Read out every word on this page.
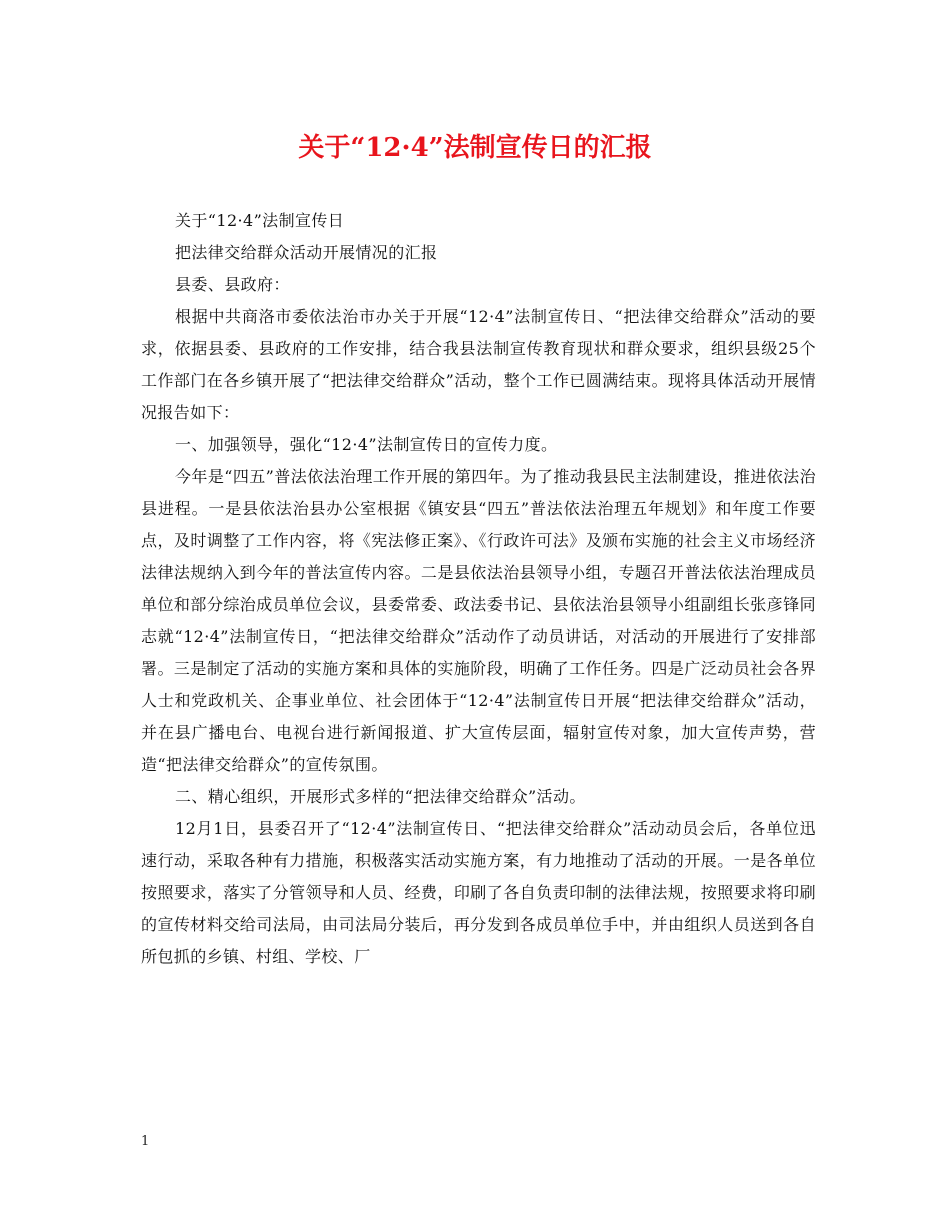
关于“12·4”法制宣传日的汇报

关于“12·4”法制宣传日

把法律交给群众活动开展情况的汇报

县委、县政府：

根据中共商洛市委依法治市办关于开展“12·4”法制宣传日、“把法律交给群众”活动的要求，依据县委、县政府的工作安排，结合我县法制宣传教育现状和群众要求，组织县级25个工作部门在各乡镇开展了“把法律交给群众”活动，整个工作已圆满结束。现将具体活动开展情况报告如下：

一、加强领导，强化“12·4”法制宣传日的宣传力度。

今年是“四五”普法依法治理工作开展的第四年。为了推动我县民主法制建设，推进依法治县进程。一是县依法治县办公室根据《镇安县“四五”普法依法治理五年规划》和年度工作要点，及时调整了工作内容，将《宪法修正案》、《行政许可法》及颁布实施的社会主义市场经济法律法规纳入到今年的普法宣传内容。二是县依法治县领导小组，专题召开普法依法治理成员单位和部分综治成员单位会议，县委常委、政法委书记、县依法治县领导小组副组长张彦锋同志就“12·4”法制宣传日，“把法律交给群众”活动作了动员讲话，对活动的开展进行了安排部署。三是制定了活动的实施方案和具体的实施阶段，明确了工作任务。四是广泛动员社会各界人士和党政机关、企事业单位、社会团体于“12·4”法制宣传日开展“把法律交给群众”活动，并在县广播电台、电视台进行新闻报道、扩大宣传层面，辐射宣传对象，加大宣传声势，营造“把法律交给群众”的宣传氛围。

二、精心组织，开展形式多样的“把法律交给群众”活动。

12月1日，县委召开了“12·4”法制宣传日、“把法律交给群众”活动动员会后，各单位迅速行动，采取各种有力措施，积极落实活动实施方案，有力地推动了活动的开展。一是各单位按照要求，落实了分管领导和人员、经费，印刷了各自负责印制的法律法规，按照要求将印刷的宣传材料交给司法局，由司法局分装后，再分发到各成员单位手中，并由组织人员送到各自所包抓的乡镇、村组、学校、厂

1
